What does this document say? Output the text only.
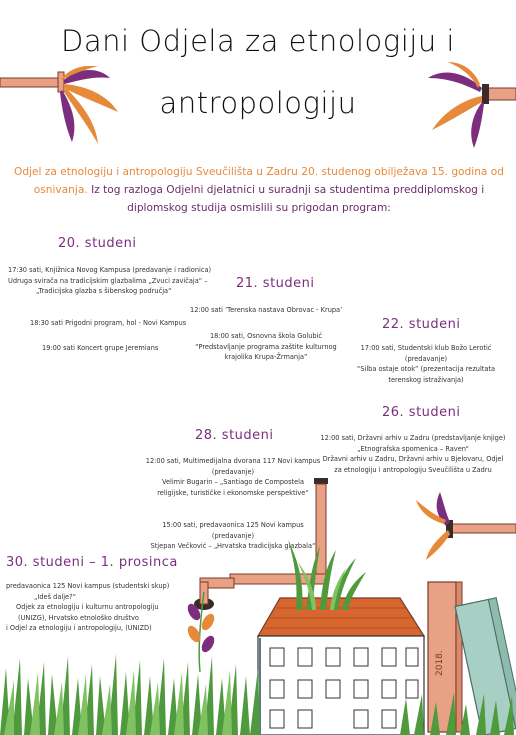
Dani Odjela za etnologiju i
antropologiju
Odjel za etnologiju i antropologiju Sveučilišta u Zadru 20. studenog obilježava 15. godina od osnivanja. Iz tog razloga Odjelni djelatnici u suradnji sa studentima preddiplomskog i diplomskog studija osmislili su prigodan program:
20. studeni
17:30 sati, Knjižnica Novog Kampusa (predavanje i radionica)
Udruga svirača na tradicijskim glazbalima „Zvuci zavičaja“ –
„Tradicijska glazba s šibenskog područja“
18:30 sati Prigodni program, hol - Novi Kampus
19:00 sati Koncert grupe Jeremians
21. studeni
12:00 sati ‘Terenska nastava Obrovac - Krupa’
18:00 sati, Osnovna škola Golubić
“Predstavljanje programa zaštite kulturnog
krajolika Krupa-Žrmanja”
22. studeni
17:00 sati, Studentski klub Božo Lerotić (predavanje)
“Silba ostaje otok” (prezentacija rezultata
terenskog istraživanja)
26. studeni
12:00 sati, Državni arhiv u Zadru (predstavljanje knjige)
„Etnografska spomenica – Raven“
Državni arhiv u Zadru, Državni arhiv u Bjelovaru, Odjel
za etnologiju i antropologiju Sveučilišta u Zadru
28. studeni
12:00 sati, Multimedijalna dvorana 117 Novi kampus
(predavanje)
Velimir Bugarin – „Santiago de Compostela
religijske, turističke i ekonomske perspektive“
15:00 sati, predavaonica 125 Novi kampus
(predavanje)
Stjepan Večković – „Hrvatska tradicijska glazbala“
30. studeni – 1. prosinca
predavaonica 125 Novi kampus (studentski skup)
„Ideš dalje?“
Odjek za etnologiju i kulturnu antropologiju
(UNIZG), Hrvatsko etnološko društvo
i Odjel za etnologiju i antropologiju, (UNIZD)
2018.
